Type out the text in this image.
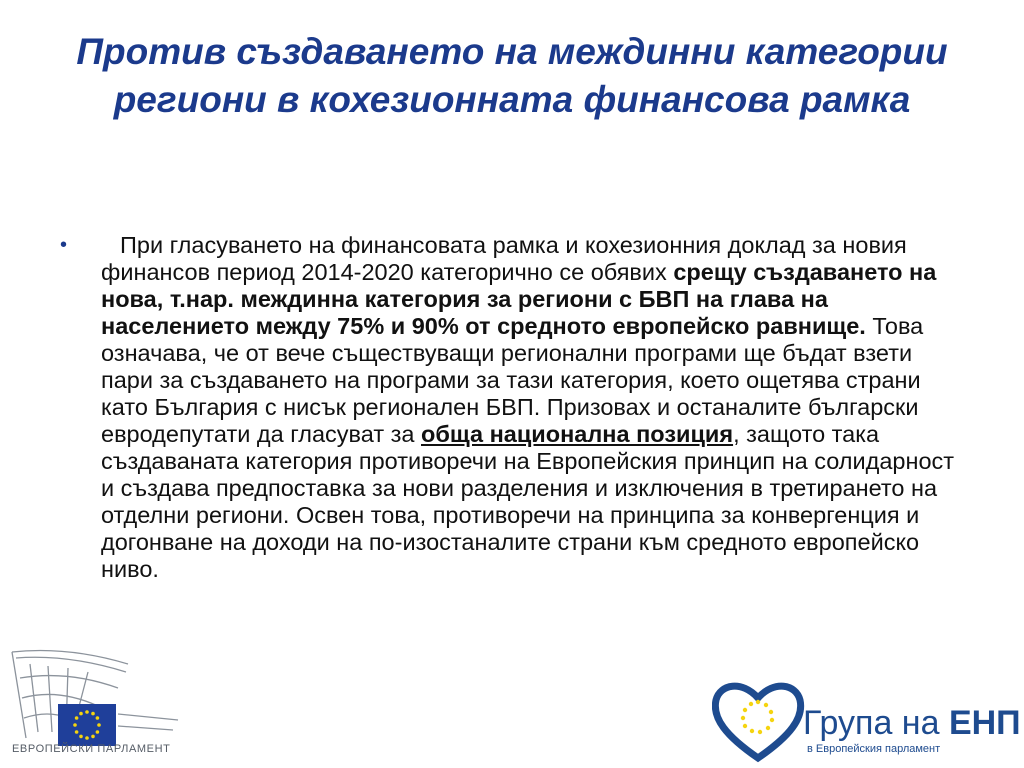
Против създаването на междинни категории региони в кохезионната финансова рамка
•	При гласуването на финансовата рамка и кохезионния доклад за новия финансов период 2014-2020 категорично се обявих срещу създаването на нова, т.нар. междинна категория за региони с БВП на глава на населението между 75% и 90% от средното европейско равнище. Това означава, че от вече съществуващи регионални програми ще бъдат взети пари за създаването на програми за тази категория, което ощетява страни като България с нисък регионален БВП. Призовах и останалите български евродепутати да гласуват за обща национална позиция, защото така създаваната категория противоречи на Европейския принцип на солидарност и създава предпоставка за нови разделения и изключения в третирането на отделни региони. Освен това, противоречи на принципа за конвергенция и догонване на доходи на по-изостаналите страни към средното европейско ниво.
ЕВРОПЕЙСКИ ПАРЛАМЕНТ
Група на ЕНП
в Европейския парламент
